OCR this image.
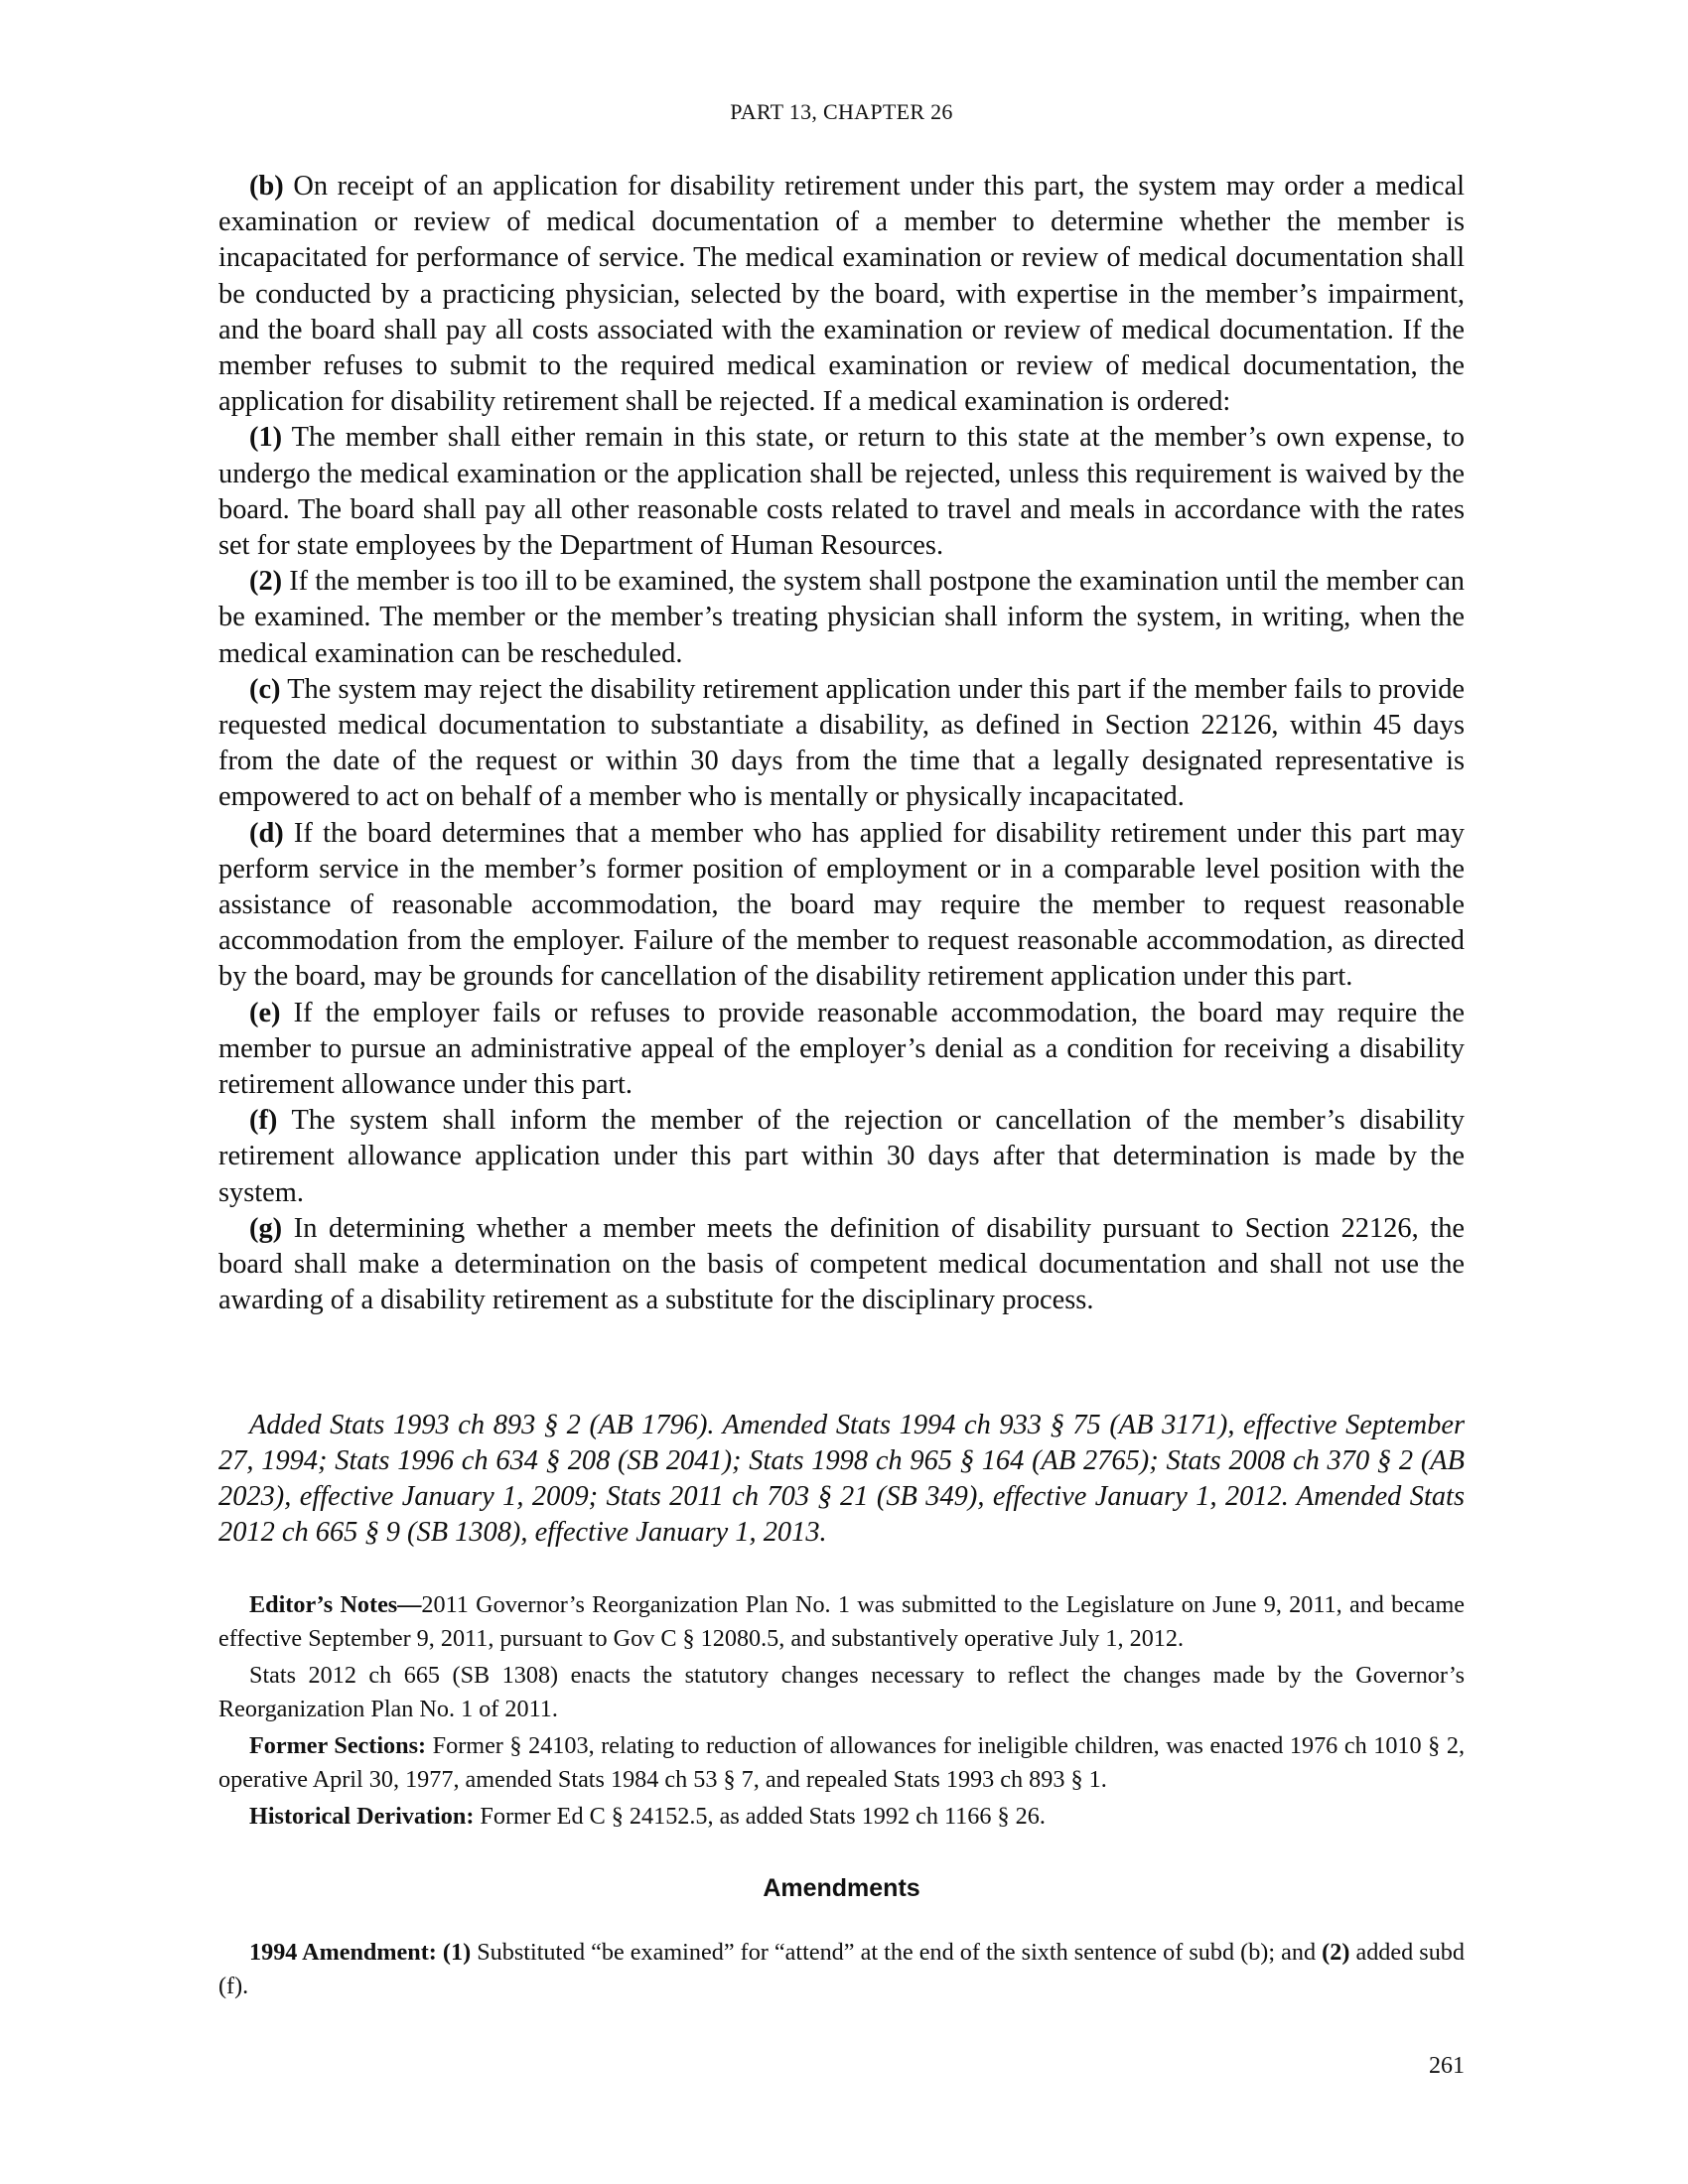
PART 13, CHAPTER 26

(b) On receipt of an application for disability retirement under this part, the system may order a medical examination or review of medical documentation of a member to determine whether the member is incapacitated for performance of service. The medical examination or review of medical documentation shall be conducted by a practicing physician, selected by the board, with expertise in the member’s impairment, and the board shall pay all costs associated with the examination or review of medical documentation. If the member refuses to submit to the required medical examination or review of medical documentation, the application for disability retirement shall be rejected. If a medical examination is ordered:

(1) The member shall either remain in this state, or return to this state at the member’s own expense, to undergo the medical examination or the application shall be rejected, unless this requirement is waived by the board. The board shall pay all other reasonable costs related to travel and meals in accordance with the rates set for state employees by the Department of Human Resources.

(2) If the member is too ill to be examined, the system shall postpone the examination until the member can be examined. The member or the member’s treating physician shall inform the system, in writing, when the medical examination can be rescheduled.

(c) The system may reject the disability retirement application under this part if the member fails to provide requested medical documentation to substantiate a disability, as defined in Section 22126, within 45 days from the date of the request or within 30 days from the time that a legally designated representative is empowered to act on behalf of a member who is mentally or physically incapacitated.

(d) If the board determines that a member who has applied for disability retirement under this part may perform service in the member’s former position of employment or in a comparable level position with the assistance of reasonable accommodation, the board may require the member to request reasonable accommodation from the employer. Failure of the member to request reasonable accommodation, as directed by the board, may be grounds for cancellation of the disability retirement application under this part.

(e) If the employer fails or refuses to provide reasonable accommodation, the board may require the member to pursue an administrative appeal of the employer’s denial as a condition for receiving a disability retirement allowance under this part.

(f) The system shall inform the member of the rejection or cancellation of the member’s disability retirement allowance application under this part within 30 days after that determination is made by the system.

(g) In determining whether a member meets the definition of disability pursuant to Section 22126, the board shall make a determination on the basis of competent medical documentation and shall not use the awarding of a disability retirement as a substitute for the disciplinary process.

Added Stats 1993 ch 893 § 2 (AB 1796). Amended Stats 1994 ch 933 § 75 (AB 3171), effective September 27, 1994; Stats 1996 ch 634 § 208 (SB 2041); Stats 1998 ch 965 § 164 (AB 2765); Stats 2008 ch 370 § 2 (AB 2023), effective January 1, 2009; Stats 2011 ch 703 § 21 (SB 349), effective January 1, 2012. Amended Stats 2012 ch 665 § 9 (SB 1308), effective January 1, 2013.

Editor’s Notes—2011 Governor’s Reorganization Plan No. 1 was submitted to the Legislature on June 9, 2011, and became effective September 9, 2011, pursuant to Gov C § 12080.5, and substantively operative July 1, 2012.

Stats 2012 ch 665 (SB 1308) enacts the statutory changes necessary to reflect the changes made by the Governor’s Reorganization Plan No. 1 of 2011.

Former Sections: Former § 24103, relating to reduction of allowances for ineligible children, was enacted 1976 ch 1010 § 2, operative April 30, 1977, amended Stats 1984 ch 53 § 7, and repealed Stats 1993 ch 893 § 1.

Historical Derivation: Former Ed C § 24152.5, as added Stats 1992 ch 1166 § 26.

Amendments

1994 Amendment: (1) Substituted “be examined” for “attend” at the end of the sixth sentence of subd (b); and (2) added subd (f).

261
